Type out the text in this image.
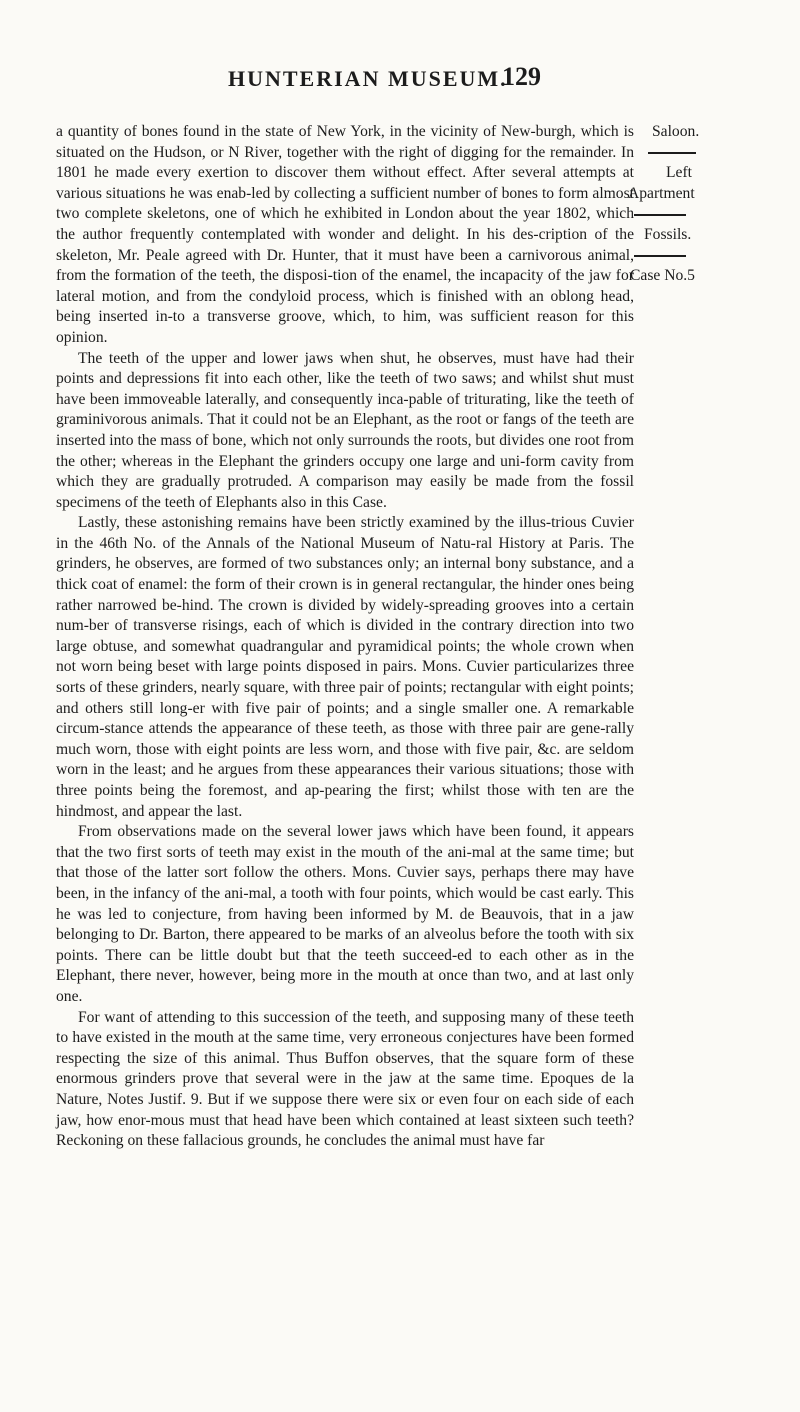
HUNTERIAN MUSEUM.
129

a quantity of bones found in the state of New York, in the vicinity of New-burgh, which is situated on the Hudson, or N River, together with the right of digging for the remainder. In 1801 he made every exertion to discover them without effect. After several attempts at various situations he was enab-led by collecting a sufficient number of bones to form almost two complete skeletons, one of which he exhibited in London about the year 1802, which the author frequently contemplated with wonder and delight. In his des-cription of the skeleton, Mr. Peale agreed with Dr. Hunter, that it must have been a carnivorous animal, from the formation of the teeth, the disposi-tion of the enamel, the incapacity of the jaw for lateral motion, and from the condyloid process, which is finished with an oblong head, being inserted in-to a transverse groove, which, to him, was sufficient reason for this opinion.

The teeth of the upper and lower jaws when shut, he observes, must have had their points and depressions fit into each other, like the teeth of two saws; and whilst shut must have been immoveable laterally, and consequently inca-pable of triturating, like the teeth of graminivorous animals. That it could not be an Elephant, as the root or fangs of the teeth are inserted into the mass of bone, which not only surrounds the roots, but divides one root from the other; whereas in the Elephant the grinders occupy one large and uni-form cavity from which they are gradually protruded. A comparison may easily be made from the fossil specimens of the teeth of Elephants also in this Case.

Lastly, these astonishing remains have been strictly examined by the illus-trious Cuvier in the 46th No. of the Annals of the National Museum of Natu-ral History at Paris. The grinders, he observes, are formed of two substances only; an internal bony substance, and a thick coat of enamel: the form of their crown is in general rectangular, the hinder ones being rather narrowed be-hind. The crown is divided by widely-spreading grooves into a certain num-ber of transverse risings, each of which is divided in the contrary direction into two large obtuse, and somewhat quadrangular and pyramidical points; the whole crown when not worn being beset with large points disposed in pairs. Mons. Cuvier particularizes three sorts of these grinders, nearly square, with three pair of points; rectangular with eight points; and others still long-er with five pair of points; and a single smaller one. A remarkable circum-stance attends the appearance of these teeth, as those with three pair are gene-rally much worn, those with eight points are less worn, and those with five pair, &c. are seldom worn in the least; and he argues from these appearances their various situations; those with three points being the foremost, and ap-pearing the first; whilst those with ten are the hindmost, and appear the last.

From observations made on the several lower jaws which have been found, it appears that the two first sorts of teeth may exist in the mouth of the ani-mal at the same time; but that those of the latter sort follow the others. Mons. Cuvier says, perhaps there may have been, in the infancy of the ani-mal, a tooth with four points, which would be cast early. This he was led to conjecture, from having been informed by M. de Beauvois, that in a jaw belonging to Dr. Barton, there appeared to be marks of an alveolus before the tooth with six points. There can be little doubt but that the teeth succeed-ed to each other as in the Elephant, there never, however, being more in the mouth at once than two, and at last only one.

For want of attending to this succession of the teeth, and supposing many of these teeth to have existed in the mouth at the same time, very erroneous conjectures have been formed respecting the size of this animal. Thus Buffon observes, that the square form of these enormous grinders prove that several were in the jaw at the same time. Epoques de la Nature, Notes Justif. 9. But if we suppose there were six or even four on each side of each jaw, how enor-mous must that head have been which contained at least sixteen such teeth? Reckoning on these fallacious grounds, he concludes the animal must have far

Saloon.
Left
Apartment
Fossils.
Case No.5
